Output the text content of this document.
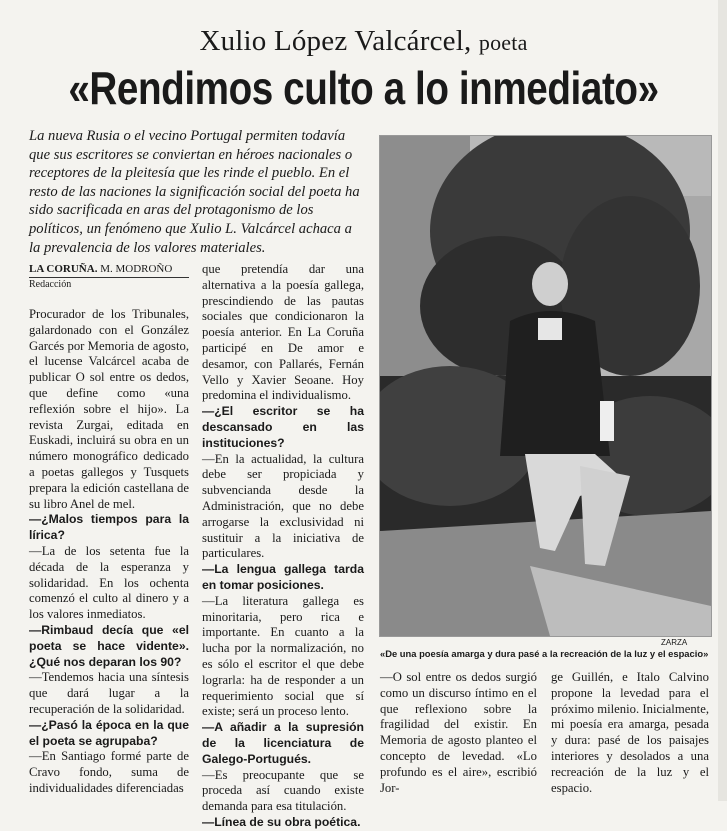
Xulio López Valcárcel, poeta
«Rendimos culto a lo inmediato»

La nueva Rusia o el vecino Portugal permiten todavía que sus escritores se conviertan en héroes nacionales o receptores de la pleitesía que les rinde el pueblo. En el resto de las naciones la significación social del poeta ha sido sacrificada en aras del protagonismo de los políticos, un fenómeno que Xulio L. Valcárcel achaca a la prevalencia de los valores materiales.

LA CORUÑA. M. MODROÑO
Redacción

Procurador de los Tribunales, galardonado con el González Garcés por Memoria de agosto, el lucense Valcárcel acaba de publicar O sol entre os dedos, que define como «una reflexión sobre el hijo». La revista Zurgai, editada en Euskadi, incluirá su obra en un número monográfico dedicado a poetas gallegos y Tusquets prepara la edición castellana de su libro Anel de mel.

—¿Malos tiempos para la lírica?

—La de los setenta fue la década de la esperanza y solidaridad. En los ochenta comenzó el culto al dinero y a los valores inmediatos.

—Rimbaud decía que «el poeta se hace vidente». ¿Qué nos deparan los 90?

—Tendemos hacia una síntesis que dará lugar a la recuperación de la solidaridad.

—¿Pasó la época en la que el poeta se agrupaba?

—En Santiago formé parte de Cravo fondo, suma de individualidades diferenciadas

que pretendía dar una alternativa a la poesía gallega, prescindiendo de las pautas sociales que condicionaron la poesía anterior. En La Coruña participé en De amor e desamor, con Pallarés, Fernán Vello y Xavier Seoane. Hoy predomina el individualismo.

—¿El escritor se ha descansado en las instituciones?

—En la actualidad, la cultura debe ser propiciada y subvencianda desde la Administración, que no debe arrogarse la exclusividad ni sustituir a la iniciativa de particulares.

—La lengua gallega tarda en tomar posiciones.

—La literatura gallega es minoritaria, pero rica e importante. En cuanto a la lucha por la normalización, no es sólo el escritor el que debe lograrla: ha de responder a un requerimiento social que sí existe; será un proceso lento.

—A añadir a la supresión de la licenciatura de Galego-Portugués.

—Es preocupante que se proceda así cuando existe demanda para esa titulación.

—Línea de su obra poética.

ZARZA
«De una poesía amarga y dura pasé a la recreación de la luz y el espacio»

—O sol entre os dedos surgió como un discurso íntimo en el que reflexiono sobre la fragilidad del existir. En Memoria de agosto planteo el concepto de levedad. «Lo profundo es el aire», escribió Jor-

ge Guillén, e Italo Calvino propone la levedad para el próximo milenio. Inicialmente, mi poesía era amarga, pesada y dura: pasé de los paisajes interiores y desolados a una recreación de la luz y el espacio.
